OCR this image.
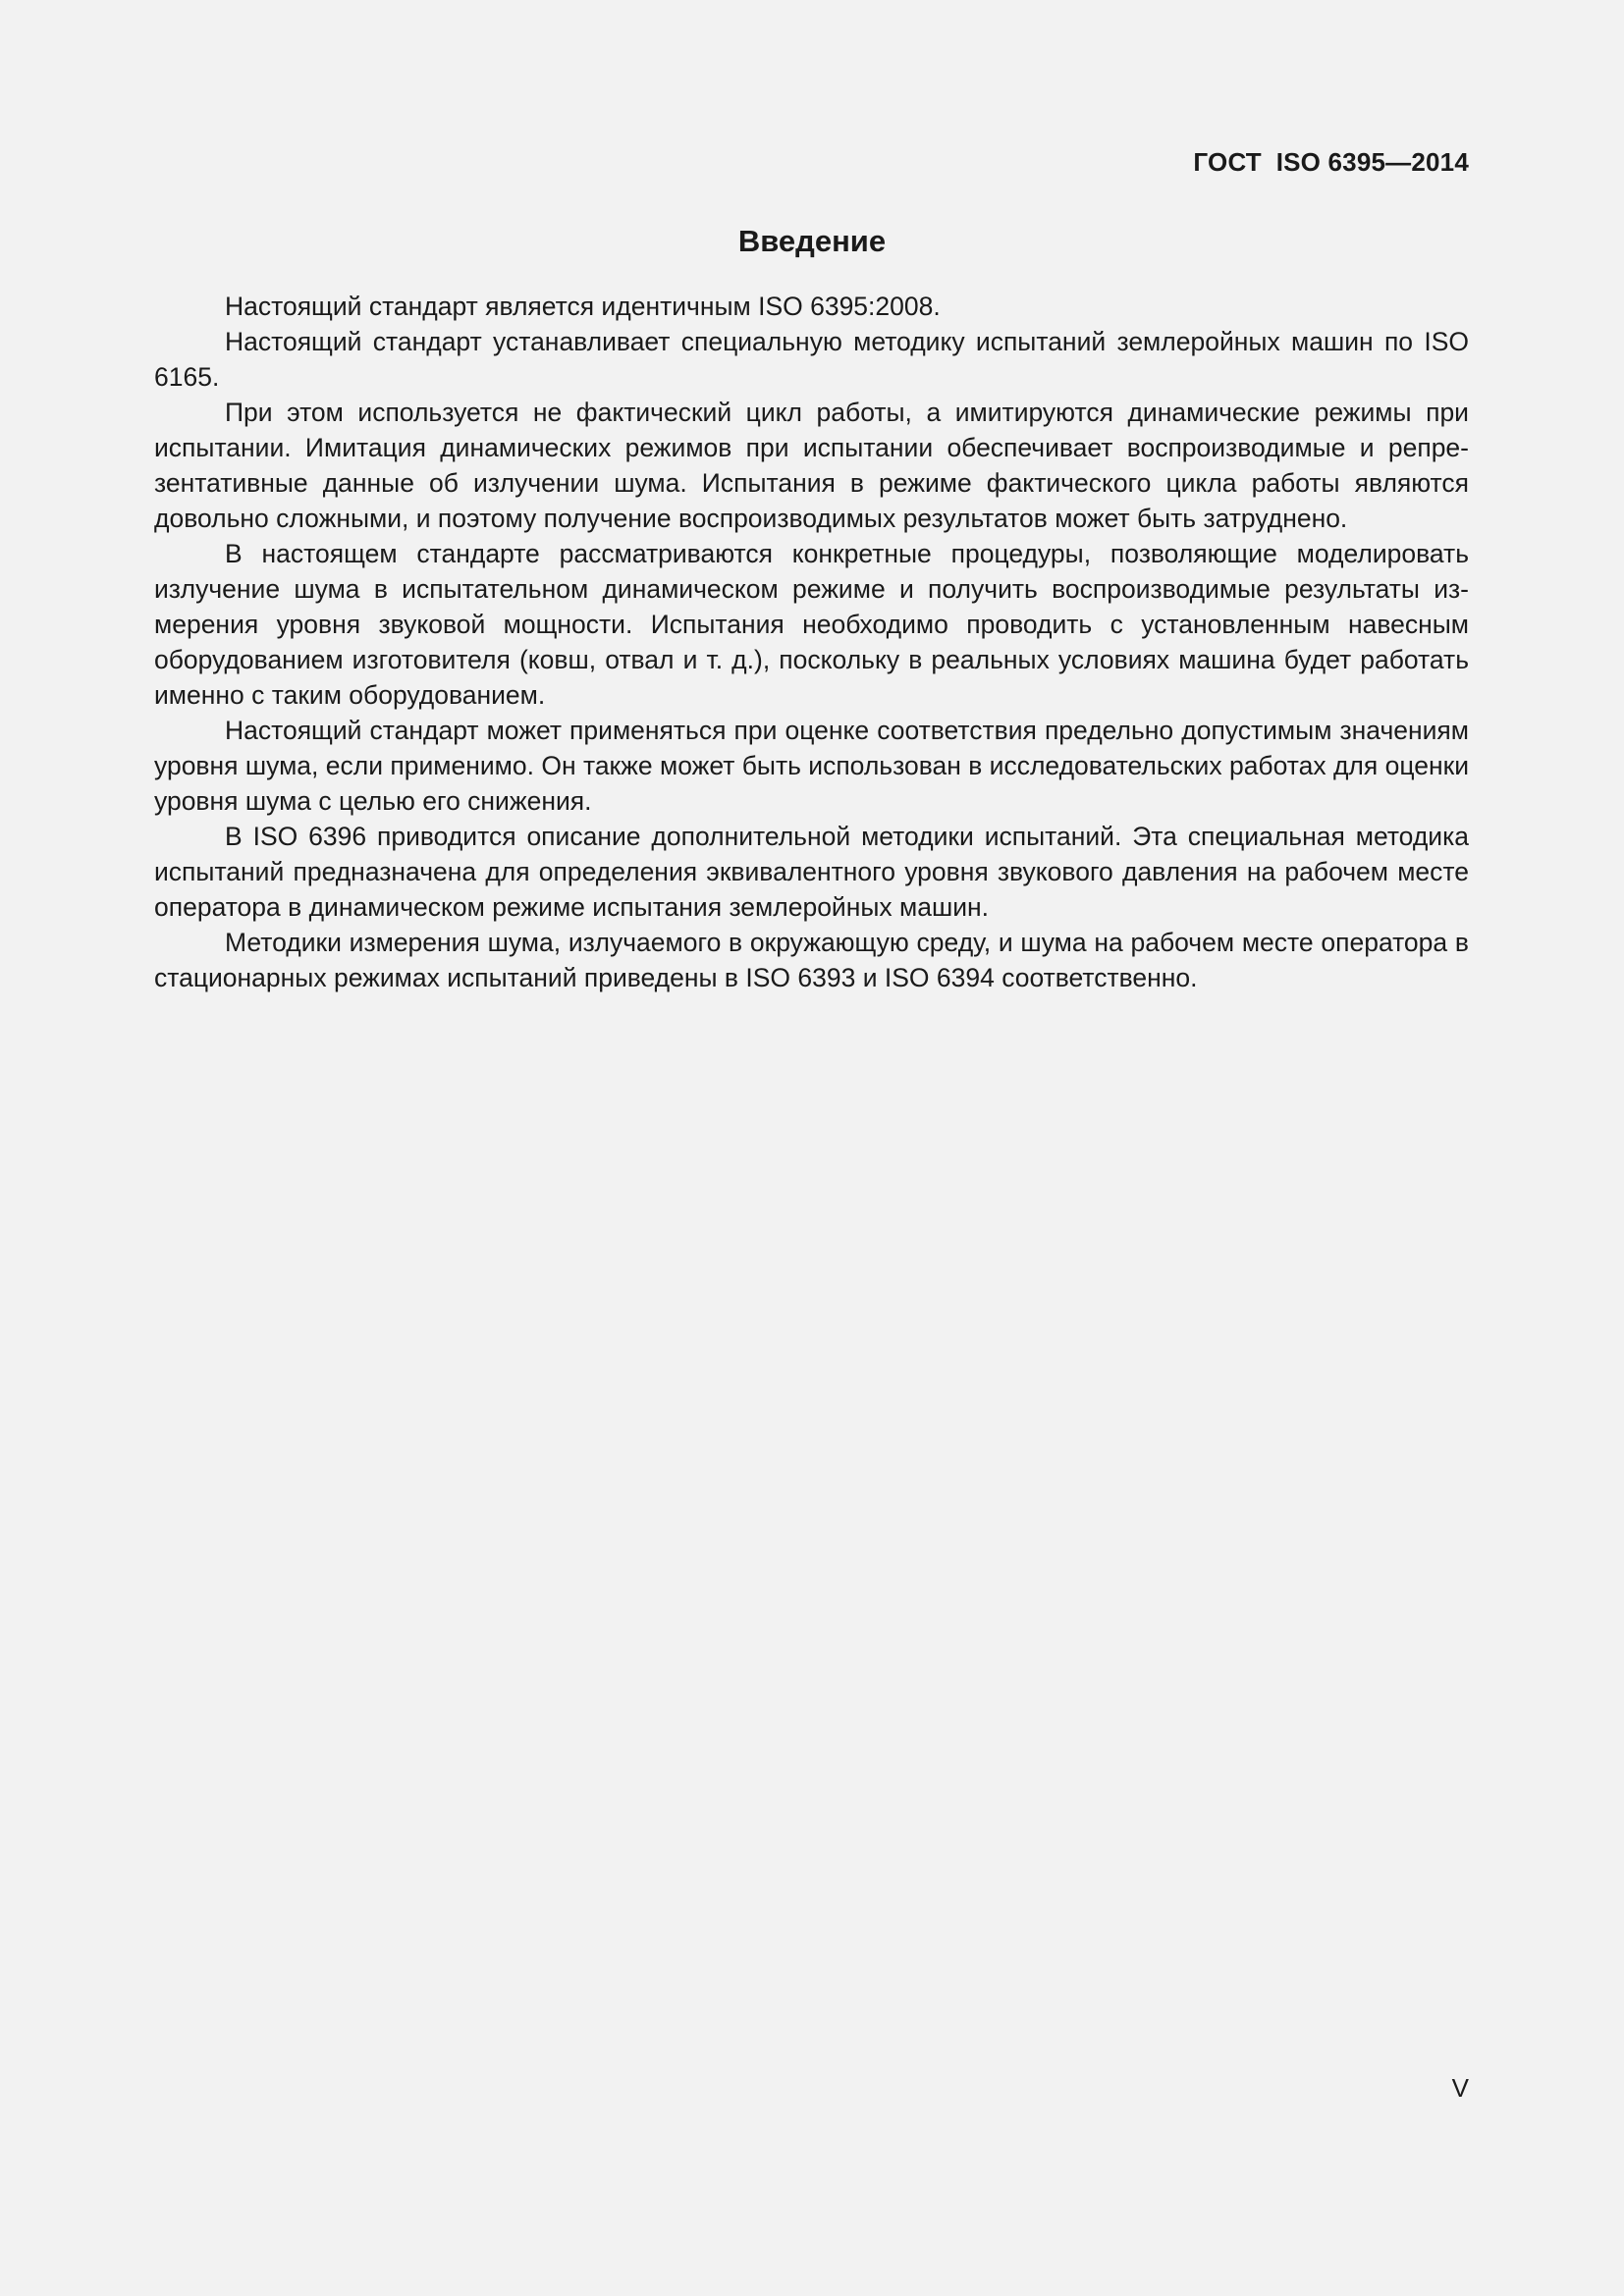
ГОСТ  ISO 6395—2014
Введение

Настоящий стандарт является идентичным ISO 6395:2008.

Настоящий стандарт устанавливает специальную методику испытаний землеройных машин по ISO 6165.

При этом используется не фактический цикл работы, а имитируются динамические режимы при испытании. Имитация динамических режимов при испытании обеспечивает воспроизводимые и репрезентативные данные об излучении шума. Испытания в режиме фактического цикла работы являются довольно сложными, и поэтому получение воспроизводимых результатов может быть затруднено.

В настоящем стандарте рассматриваются конкретные процедуры, позволяющие моделировать излучение шума в испытательном динамическом режиме и получить воспроизводимые результаты измерения уровня звуковой мощности. Испытания необходимо проводить с установленным навесным оборудованием изготовителя (ковш, отвал и т. д.), поскольку в реальных условиях машина будет работать именно с таким оборудованием.

Настоящий стандарт может применяться при оценке соответствия предельно допустимым значениям уровня шума, если применимо. Он также может быть использован в исследовательских работах для оценки уровня шума с целью его снижения.

В ISO 6396 приводится описание дополнительной методики испытаний. Эта специальная методика испытаний предназначена для определения эквивалентного уровня звукового давления на рабочем месте оператора в динамическом режиме испытания землеройных машин.

Методики измерения шума, излучаемого в окружающую среду, и шума на рабочем месте оператора в стационарных режимах испытаний приведены в ISO 6393 и ISO 6394 соответственно.

V
